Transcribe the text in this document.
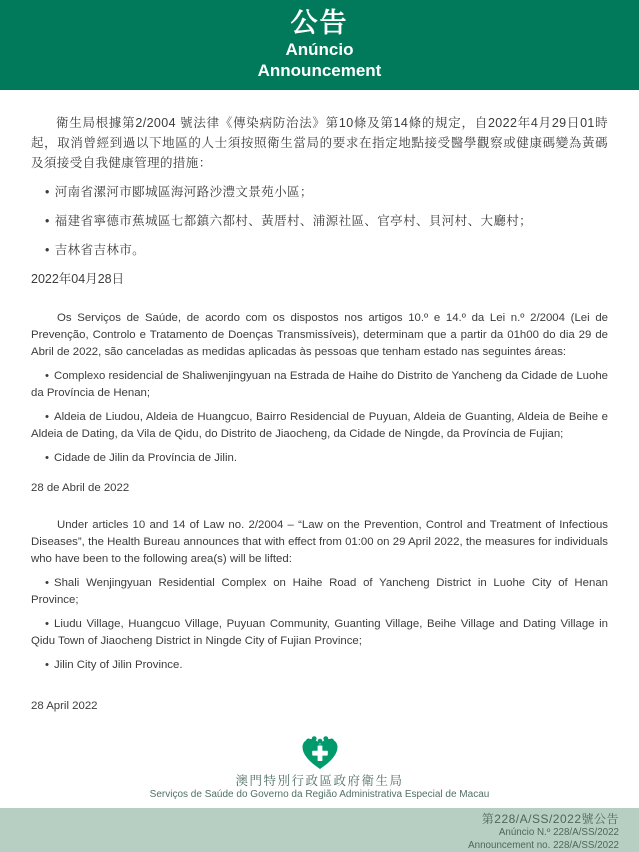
公告
Anúncio
Announcement

衛生局根據第2/2004 號法律《傳染病防治法》第10條及第14條的規定，自2022年4月29日01時起，取消曾經到過以下地區的人士須按照衛生當局的要求在指定地點接受醫學觀察或健康碼變為黃碼及須接受自我健康管理的措施：

• 河南省漯河市郾城區海河路沙澧文景苑小區；

• 福建省寧德市蕉城區七都鎮六都村、黃厝村、浦源社區、官亭村、貝河村、大廳村；

• 吉林省吉林市。

2022年04月28日

Os Serviços de Saúde, de acordo com os dispostos nos artigos 10.º e 14.º da Lei n.º 2/2004 (Lei de Prevenção, Controlo e Tratamento de Doenças Transmissíveis), determinam que a partir da 01h00 do dia 29 de Abril de 2022, são canceladas as medidas aplicadas às pessoas que tenham estado nas seguintes áreas:

• Complexo residencial de Shaliwenjingyuan na Estrada de Haihe do Distrito de Yancheng da Cidade de Luohe da Província de Henan;

• Aldeia de Liudou, Aldeia de Huangcuo, Bairro Residencial de Puyuan, Aldeia de Guanting, Aldeia de Beihe e Aldeia de Dating, da Vila de Qidu, do Distrito de Jiaocheng, da Cidade de Ningde, da Província de Fujian;

• Cidade de Jilin da Província de Jilin.

28 de Abril de 2022

Under articles 10 and 14 of Law no. 2/2004 – “Law on the Prevention, Control and Treatment of Infectious Diseases”, the Health Bureau announces that with effect from 01:00 on 29 April 2022, the measures for individuals who have been to the following area(s) will be lifted:

• Shali Wenjingyuan Residential Complex on Haihe Road of Yancheng District in Luohe City of Henan Province;

• Liudu Village, Huangcuo Village, Puyuan Community, Guanting Village, Beihe Village and Dating Village in Qidu Town of Jiaocheng District in Ningde City of Fujian Province;

• Jilin City of Jilin Province.

28 April 2022

澳門特別行政區政府衛生局
Serviços de Saúde do Governo da Região Administrativa Especial de Macau
第228/A/SS/2022號公告
Anúncio N.º 228/A/SS/2022
Announcement no. 228/A/SS/2022
